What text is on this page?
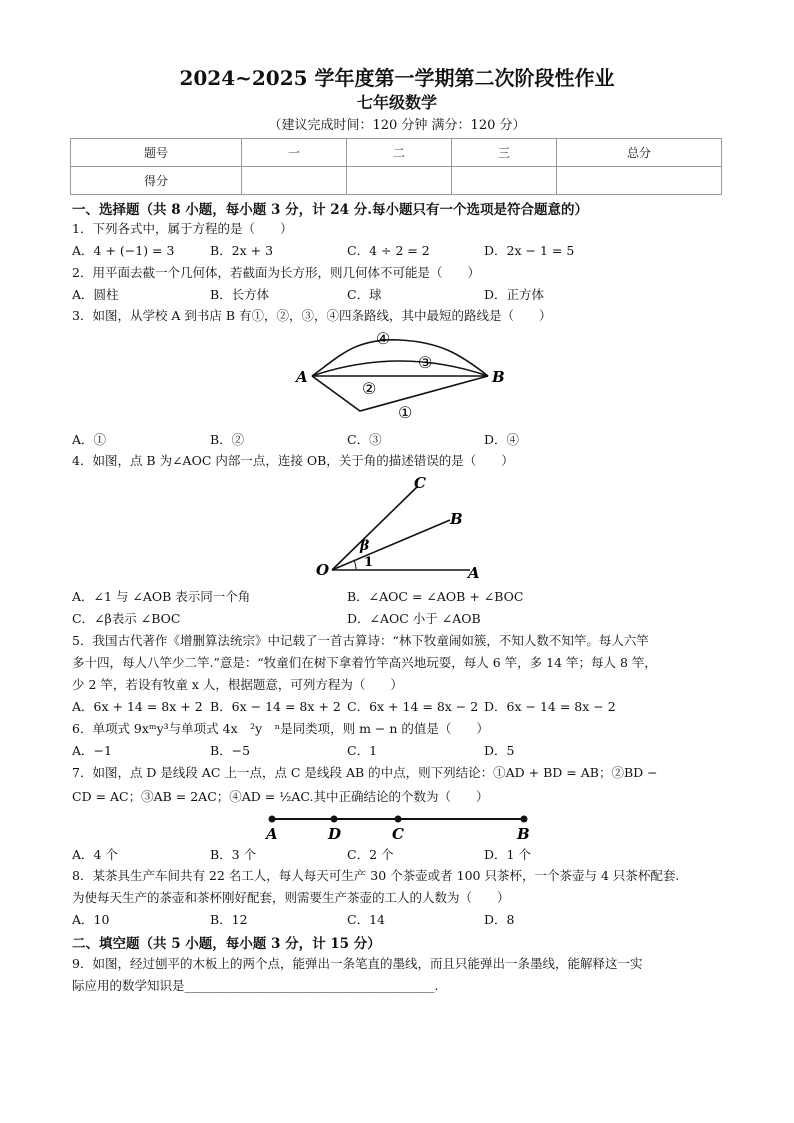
2024~2025 学年度第一学期第二次阶段性作业
七年级数学
（建议完成时间：120 分钟 满分：120 分）
题号	一	二	三	总分
得分				
一、选择题（共 8 小题，每小题 3 分，计 24 分.每小题只有一个选项是符合题意的）
1．下列各式中，属于方程的是（　　）
A．4 + (−1) = 3	B．2x + 3	C．4 ÷ 2 = 2	D．2x − 1 = 5
2．用平面去截一个几何体，若截面为长方形，则几何体不可能是（　　）
A．圆柱	B．长方体	C．球	D．正方体
3．如图，从学校 A 到书店 B 有①，②，③，④四条路线，其中最短的路线是（　　）
A	B
④
③
②
①
A．①	B．②	C．③	D．④
4．如图，点 B 为∠AOC 内部一点，连接 OB，关于角的描述错误的是（　　）
O	A
B
C
β
1
A．∠1 与 ∠AOB 表示同一个角	B．∠AOC = ∠AOB + ∠BOC
C．∠β表示 ∠BOC	D．∠AOC 小于 ∠AOB
5．我国古代著作《增删算法统宗》中记载了一首古算诗：“林下牧童闹如簇，不知人数不知竿。每人六竿
多十四，每人八竿少二竿.”意是：“牧童们在树下拿着竹竿高兴地玩耍，每人 6 竿，多 14 竿；每人 8 竿，
少 2 竿，若设有牧童 x 人，根据题意，可列方程为（　　）
A．6x + 14 = 8x + 2 B．6x − 14 = 8x + 2 C．6x + 14 = 8x − 2 D．6x − 14 = 8x − 2
6．单项式 9xᵐy³与单项式 4x　²y　ⁿ是同类项，则 m − n 的值是（　　）
A．−1	B．−5	C．1	D．5
7．如图，点 D 是线段 AC 上一点，点 C 是线段 AB 的中点，则下列结论：①AD + BD = AB；②BD −
CD = AC；③AB = 2AC；④AD = ½AC.其中正确结论的个数为（　　）
A	D	C	B
A．4 个	B．3 个	C．2 个	D．1 个
8．某茶具生产车间共有 22 名工人，每人每天可生产 30 个茶壶或者 100 只茶杯，一个茶壶与 4 只茶杯配套.
为使每天生产的茶壶和茶杯刚好配套，则需要生产茶壶的工人的人数为（　　）
A．10	B．12	C．14	D．8
二、填空题（共 5 小题，每小题 3 分，计 15 分）
9．如图，经过刨平的木板上的两个点，能弹出一条笔直的墨线，而且只能弹出一条墨线，能解释这一实
际应用的数学知识是________________________________________.
